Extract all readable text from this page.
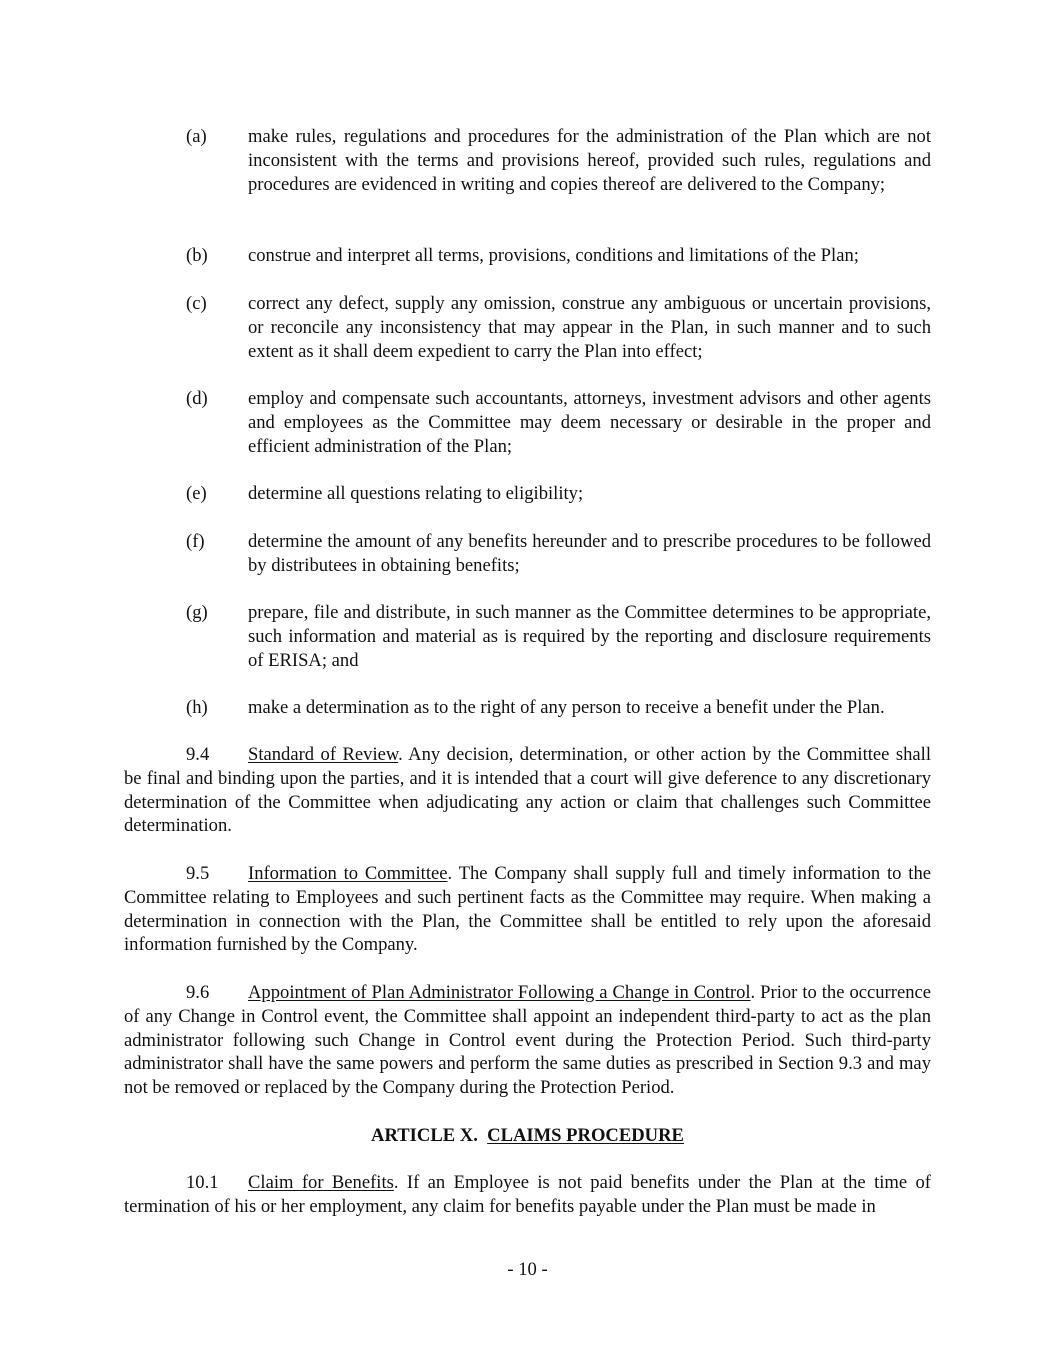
(a) make rules, regulations and procedures for the administration of the Plan which are not inconsistent with the terms and provisions hereof, provided such rules, regulations and procedures are evidenced in writing and copies thereof are delivered to the Company;
(b) construe and interpret all terms, provisions, conditions and limitations of the Plan;
(c) correct any defect, supply any omission, construe any ambiguous or uncertain provisions, or reconcile any inconsistency that may appear in the Plan, in such manner and to such extent as it shall deem expedient to carry the Plan into effect;
(d) employ and compensate such accountants, attorneys, investment advisors and other agents and employees as the Committee may deem necessary or desirable in the proper and efficient administration of the Plan;
(e) determine all questions relating to eligibility;
(f) determine the amount of any benefits hereunder and to prescribe procedures to be followed by distributees in obtaining benefits;
(g) prepare, file and distribute, in such manner as the Committee determines to be appropriate, such information and material as is required by the reporting and disclosure requirements of ERISA; and
(h) make a determination as to the right of any person to receive a benefit under the Plan.
9.4 Standard of Review. Any decision, determination, or other action by the Committee shall be final and binding upon the parties, and it is intended that a court will give deference to any discretionary determination of the Committee when adjudicating any action or claim that challenges such Committee determination.
9.5 Information to Committee. The Company shall supply full and timely information to the Committee relating to Employees and such pertinent facts as the Committee may require. When making a determination in connection with the Plan, the Committee shall be entitled to rely upon the aforesaid information furnished by the Company.
9.6 Appointment of Plan Administrator Following a Change in Control. Prior to the occurrence of any Change in Control event, the Committee shall appoint an independent third-party to act as the plan administrator following such Change in Control event during the Protection Period. Such third-party administrator shall have the same powers and perform the same duties as prescribed in Section 9.3 and may not be removed or replaced by the Company during the Protection Period.
ARTICLE X. CLAIMS PROCEDURE
10.1 Claim for Benefits. If an Employee is not paid benefits under the Plan at the time of termination of his or her employment, any claim for benefits payable under the Plan must be made in
- 10 -
